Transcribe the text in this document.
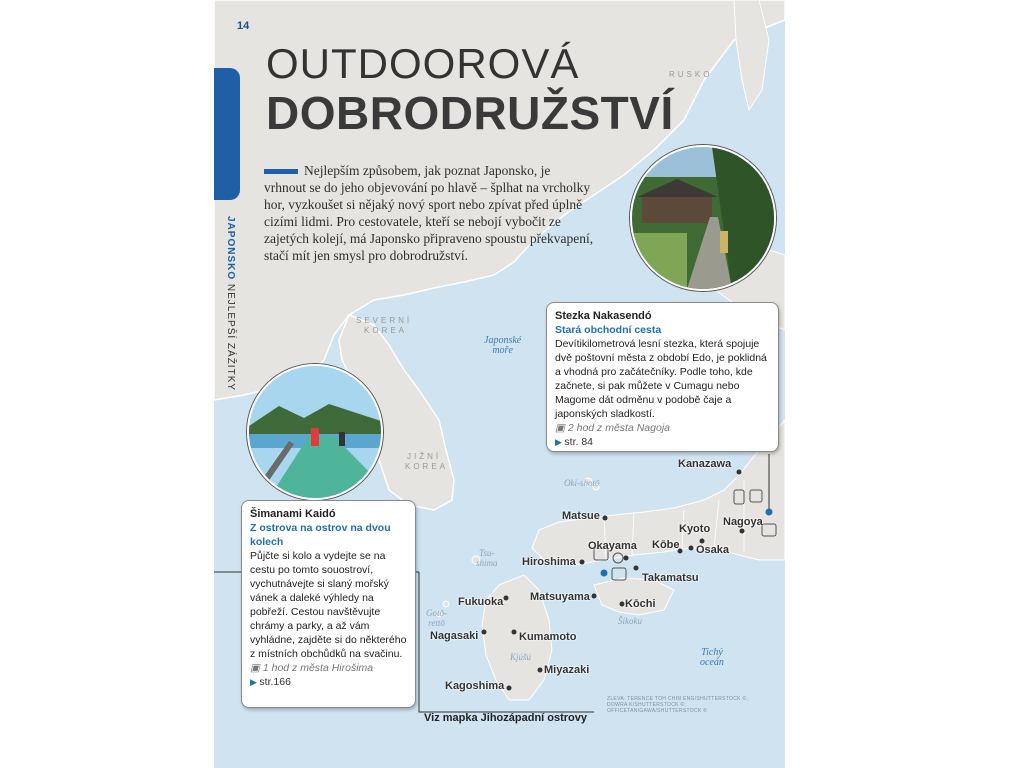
14
JAPONSKO NEJLEPŠÍ ZÁŽITKY
OUTDOOROVÁ
DOBRODRUŽSTVÍ
Nejlepším způsobem, jak poznat Japonsko, je vrhnout se do jeho objevování po hlavě – šplhat na vrcholky hor, vyzkoušet si nějaký nový sport nebo zpívat před úplně cizími lidmi. Pro cestovatele, kteří se nebojí vybočit ze zajetých kolejí, má Japonsko připraveno spoustu překvapení, stačí mít jen smysl pro dobrodružství.
RUSKO
SEVERNÍ
KOREA
JIŽNÍ
KOREA
Japonské
moře
Oki-shotō
Tsu-
shima
Gotō-
rettō	Šikoku
Kjúšú	Tichý
oceán
Kanazawa
Matsue
Kyoto
Nagoya
Okayama Kōbe Osaka
Hiroshima
Takamatsu
Fukuoka Matsuyama
Kōchi
Nagasaki	Kumamoto
Miyazaki
Kagoshima
Stezka Nakasendó
Stará obchodní cesta
Devítikilometrová lesní stezka, která spojuje dvě poštovní města z období Edo, je poklidná a vhodná pro začátečníky. Podle toho, kde začnete, si pak můžete v Cumagu nebo Magome dát odměnu v podobě čaje a japonských sladkostí.
▣ 2 hod z města Nagoja
▶ str. 84
Šimanami Kaidó
Z ostrova na ostrov na dvou kolech
Půjčte si kolo a vydejte se na cestu po tomto souostroví, vychutnávejte si slaný mořský vánek a daleké výhledy na pobřeží. Cestou navštěvujte chrámy a parky, a až vám vyhládne, zajděte si do některého z místních obchůdků na svačinu.
▣ 1 hod z města Hirošima
▶ str.166
ZLEVA: TERENCE TOH CHIN ENG/SHUTTERSTOCK ©;
DOWRA K/SHUTTERSTOCK ©;
OFFICETANIGAWA/SHUTTERSTOCK ©
Viz mapka Jihozápadní ostrovy
